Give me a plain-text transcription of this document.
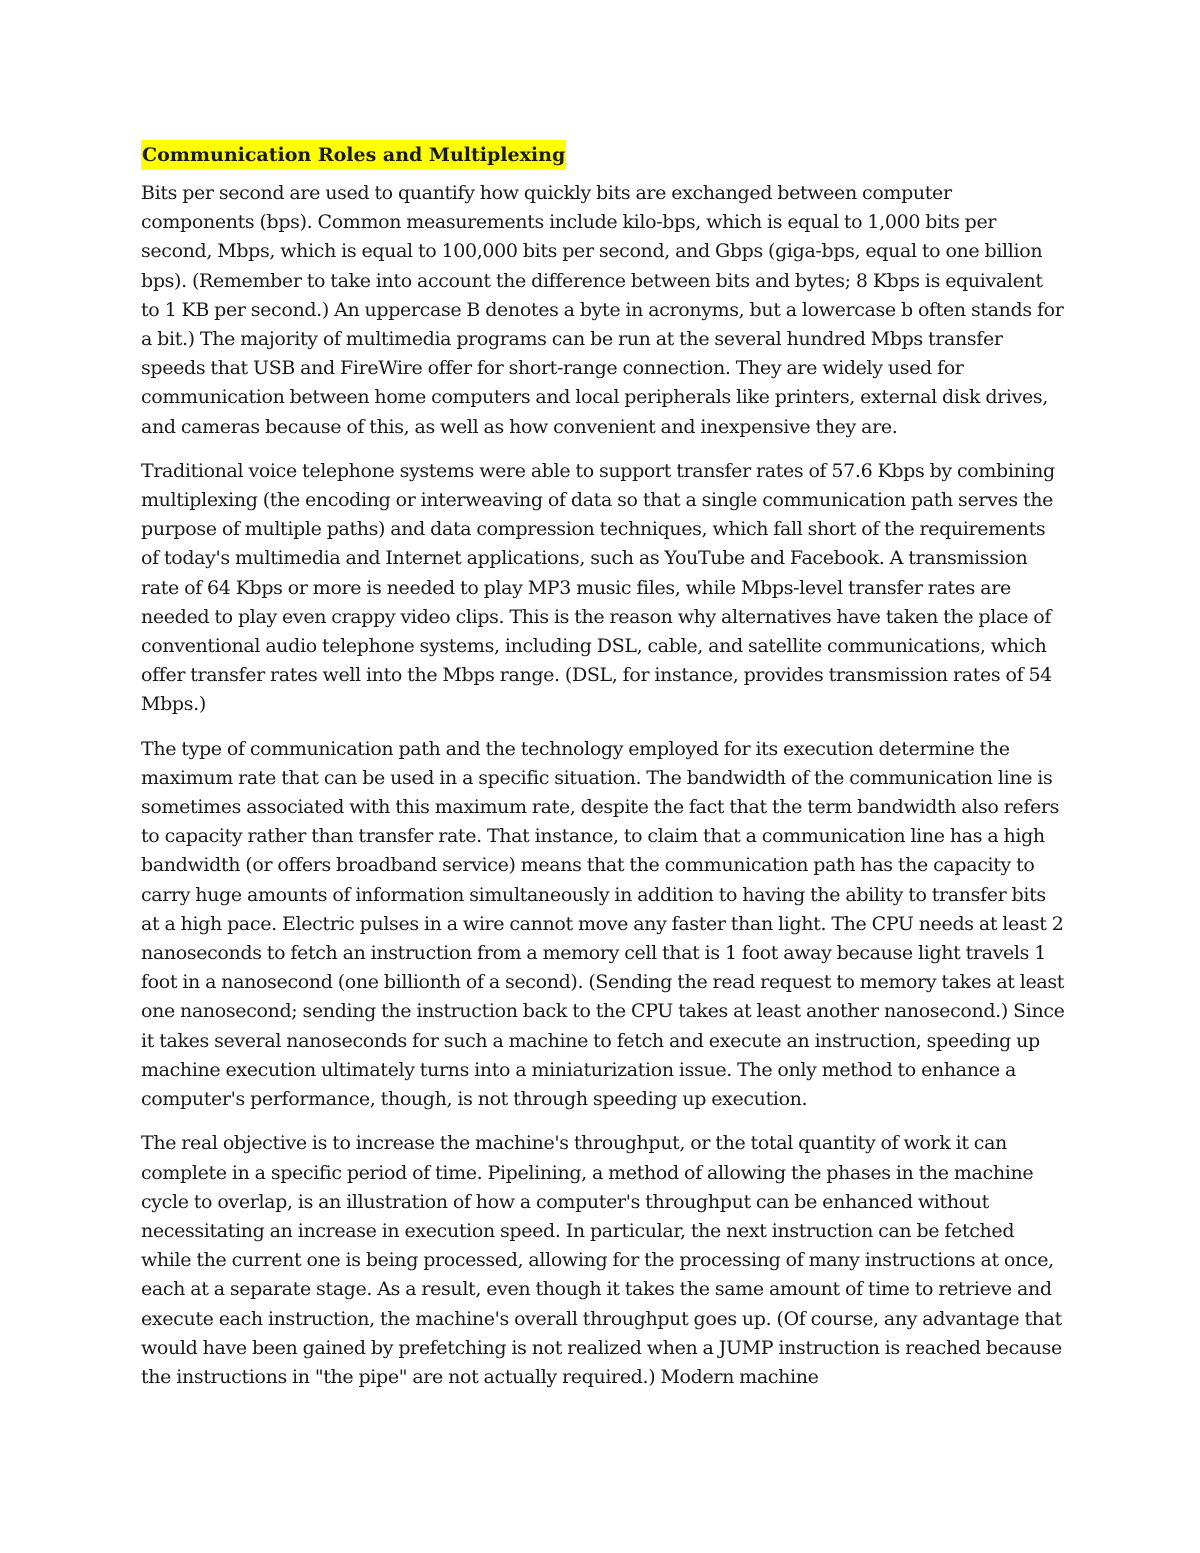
Communication Roles and Multiplexing

Bits per second are used to quantify how quickly bits are exchanged between computer components (bps). Common measurements include kilo-bps, which is equal to 1,000 bits per second, Mbps, which is equal to 100,000 bits per second, and Gbps (giga-bps, equal to one billion bps). (Remember to take into account the difference between bits and bytes; 8 Kbps is equivalent to 1 KB per second.) An uppercase B denotes a byte in acronyms, but a lowercase b often stands for a bit.) The majority of multimedia programs can be run at the several hundred Mbps transfer speeds that USB and FireWire offer for short-range connection. They are widely used for communication between home computers and local peripherals like printers, external disk drives, and cameras because of this, as well as how convenient and inexpensive they are.

Traditional voice telephone systems were able to support transfer rates of 57.6 Kbps by combining multiplexing (the encoding or interweaving of data so that a single communication path serves the purpose of multiple paths) and data compression techniques, which fall short of the requirements of today's multimedia and Internet applications, such as YouTube and Facebook. A transmission rate of 64 Kbps or more is needed to play MP3 music files, while Mbps-level transfer rates are needed to play even crappy video clips. This is the reason why alternatives have taken the place of conventional audio telephone systems, including DSL, cable, and satellite communications, which offer transfer rates well into the Mbps range. (DSL, for instance, provides transmission rates of 54 Mbps.)

The type of communication path and the technology employed for its execution determine the maximum rate that can be used in a specific situation. The bandwidth of the communication line is sometimes associated with this maximum rate, despite the fact that the term bandwidth also refers to capacity rather than transfer rate. That instance, to claim that a communication line has a high bandwidth (or offers broadband service) means that the communication path has the capacity to carry huge amounts of information simultaneously in addition to having the ability to transfer bits at a high pace. Electric pulses in a wire cannot move any faster than light. The CPU needs at least 2 nanoseconds to fetch an instruction from a memory cell that is 1 foot away because light travels 1 foot in a nanosecond (one billionth of a second). (Sending the read request to memory takes at least one nanosecond; sending the instruction back to the CPU takes at least another nanosecond.) Since it takes several nanoseconds for such a machine to fetch and execute an instruction, speeding up machine execution ultimately turns into a miniaturization issue. The only method to enhance a computer's performance, though, is not through speeding up execution.

The real objective is to increase the machine's throughput, or the total quantity of work it can complete in a specific period of time. Pipelining, a method of allowing the phases in the machine cycle to overlap, is an illustration of how a computer's throughput can be enhanced without necessitating an increase in execution speed. In particular, the next instruction can be fetched while the current one is being processed, allowing for the processing of many instructions at once, each at a separate stage. As a result, even though it takes the same amount of time to retrieve and execute each instruction, the machine's overall throughput goes up. (Of course, any advantage that would have been gained by prefetching is not realized when a JUMP instruction is reached because the instructions in "the pipe" are not actually required.) Modern machine
